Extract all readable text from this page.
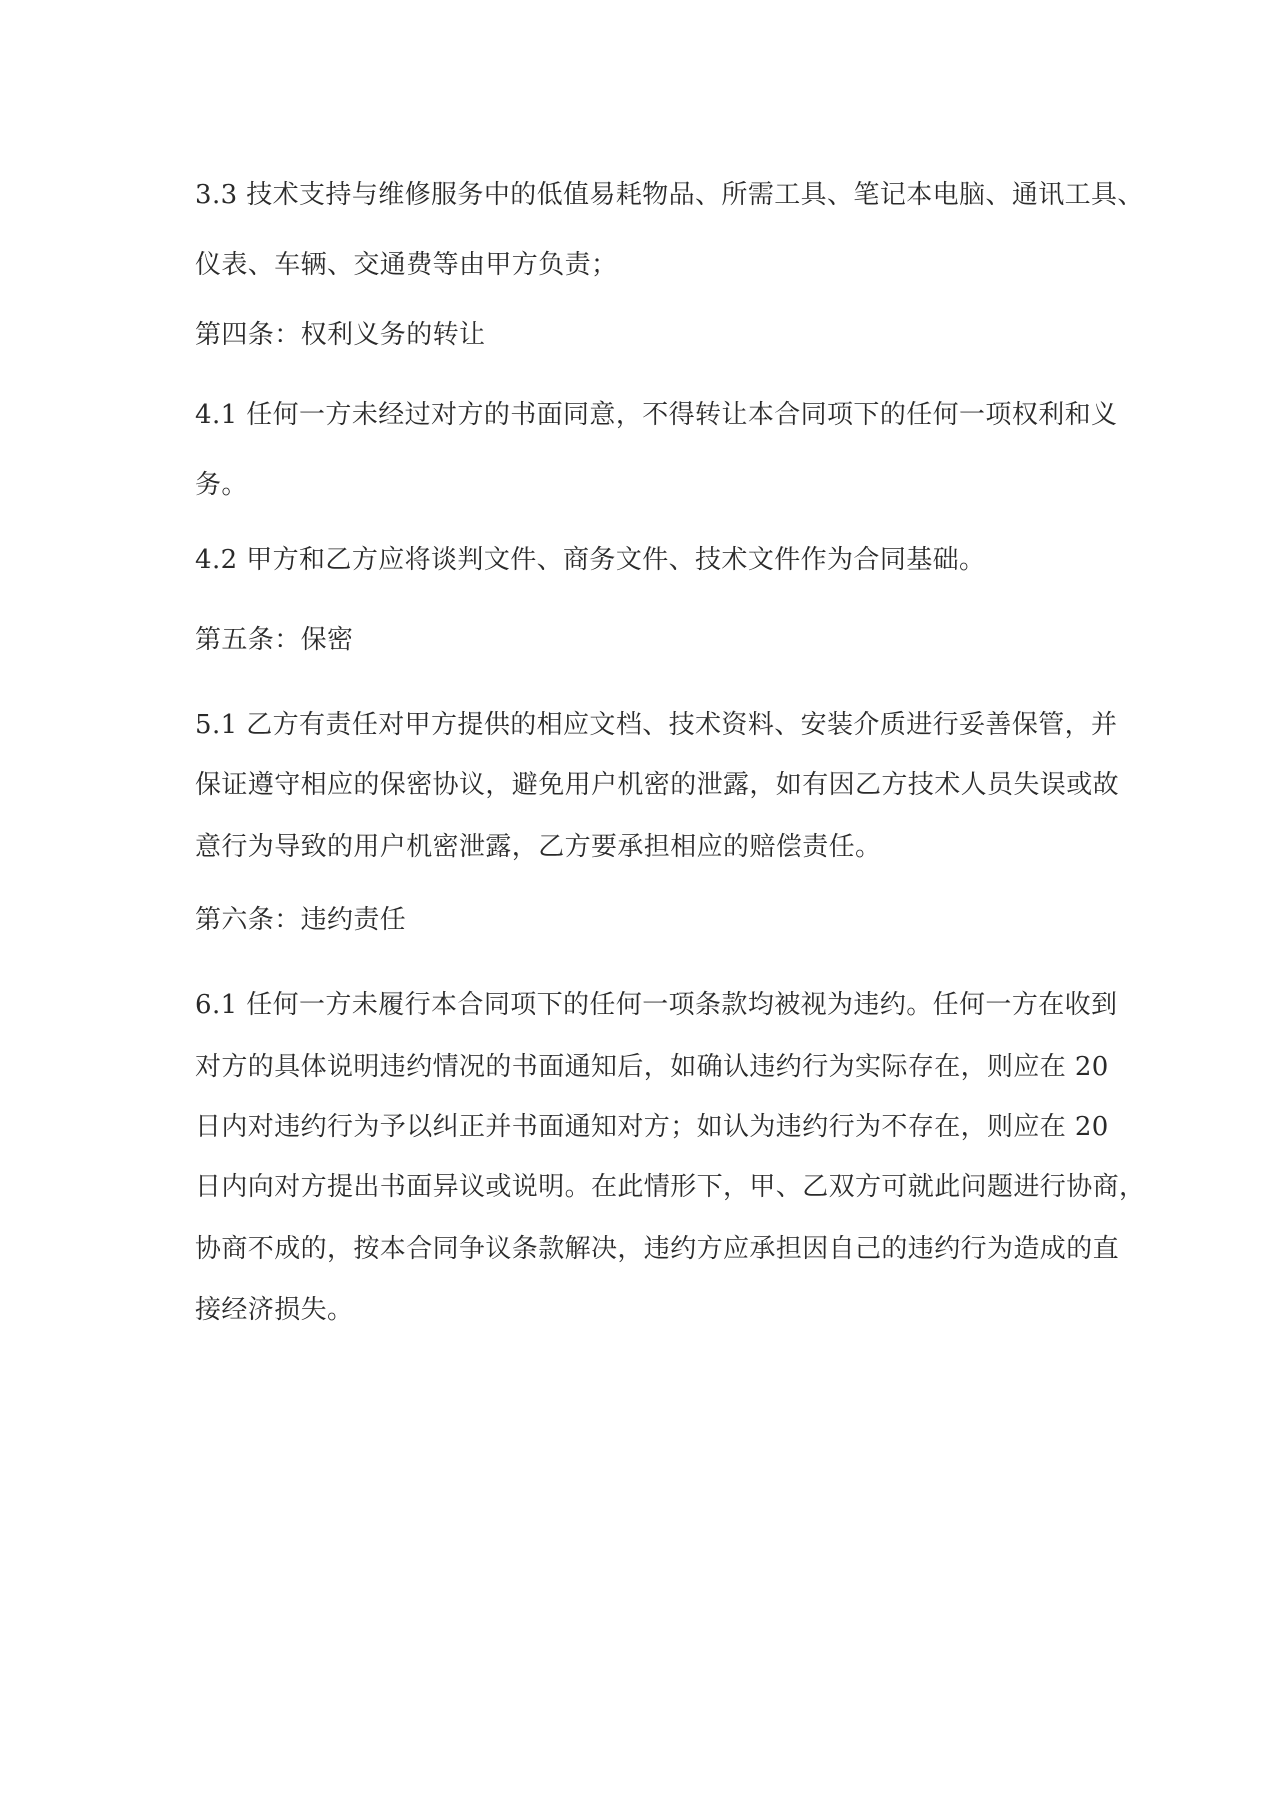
3.3 技术支持与维修服务中的低值易耗物品、所需工具、笔记本电脑、通讯工具、
仪表、车辆、交通费等由甲方负责；
第四条：权利义务的转让
4.1 任何一方未经过对方的书面同意，不得转让本合同项下的任何一项权利和义
务。
4.2 甲方和乙方应将谈判文件、商务文件、技术文件作为合同基础。
第五条：保密
5.1 乙方有责任对甲方提供的相应文档、技术资料、安装介质进行妥善保管，并
保证遵守相应的保密协议，避免用户机密的泄露，如有因乙方技术人员失误或故
意行为导致的用户机密泄露，乙方要承担相应的赔偿责任。
第六条：违约责任
6.1 任何一方未履行本合同项下的任何一项条款均被视为违约。任何一方在收到
对方的具体说明违约情况的书面通知后，如确认违约行为实际存在，则应在 20
日内对违约行为予以纠正并书面通知对方；如认为违约行为不存在，则应在 20
日内向对方提出书面异议或说明。在此情形下，甲、乙双方可就此问题进行协商，
协商不成的，按本合同争议条款解决，违约方应承担因自己的违约行为造成的直
接经济损失。
